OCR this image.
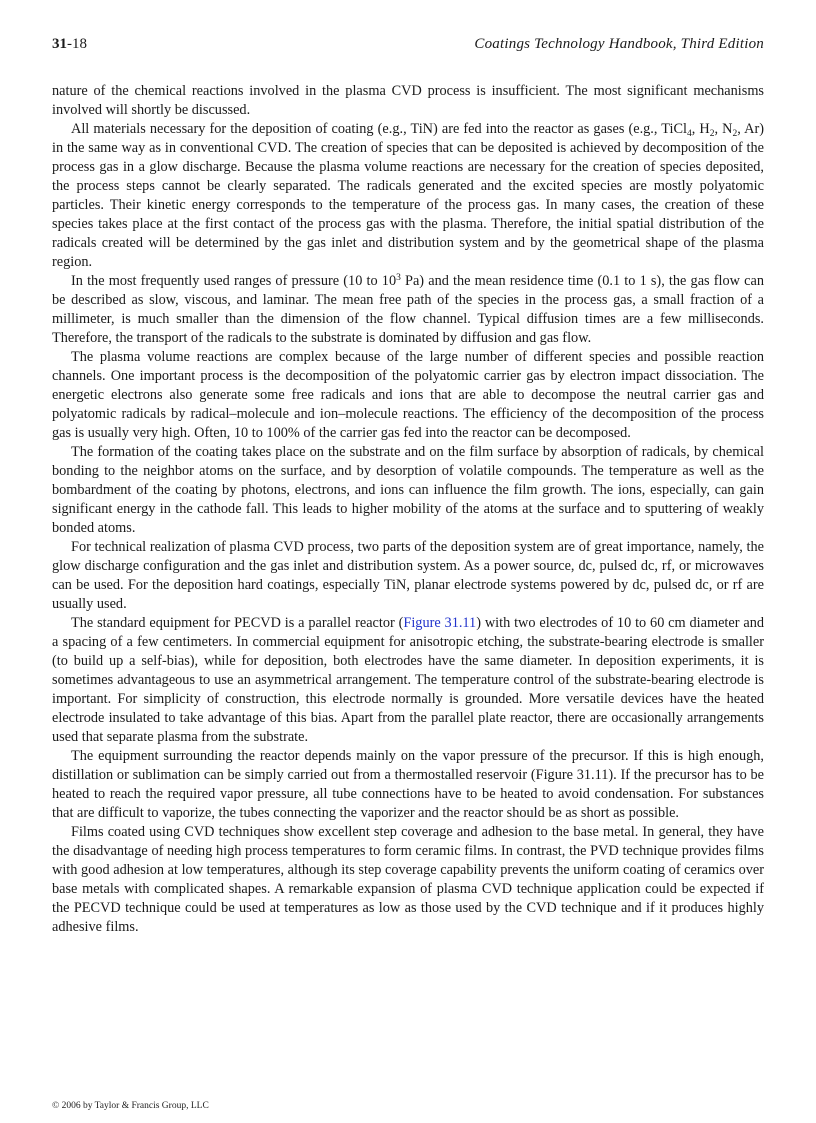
31-18	Coatings Technology Handbook, Third Edition

nature of the chemical reactions involved in the plasma CVD process is insufficient. The most significant mechanisms involved will shortly be discussed.

All materials necessary for the deposition of coating (e.g., TiN) are fed into the reactor as gases (e.g., TiCl$_4$, $H_2$, $N_2$, Ar) in the same way as in conventional CVD. The creation of species that can be deposited is achieved by decomposition of the process gas in a glow discharge. Because the plasma volume reactions are necessary for the creation of species deposited, the process steps cannot be clearly separated. The radicals generated and the excited species are mostly polyatomic particles. Their kinetic energy corresponds to the temperature of the process gas. In many cases, the creation of these species takes place at the first contact of the process gas with the plasma. Therefore, the initial spatial distribution of the radicals created will be determined by the gas inlet and distribution system and by the geometrical shape of the plasma region.

In the most frequently used ranges of pressure (10 to $10^3$ Pa) and the mean residence time (0.1 to 1 s), the gas flow can be described as slow, viscous, and laminar. The mean free path of the species in the process gas, a small fraction of a millimeter, is much smaller than the dimension of the flow channel. Typical diffusion times are a few milliseconds. Therefore, the transport of the radicals to the substrate is dominated by diffusion and gas flow.

The plasma volume reactions are complex because of the large number of different species and possible reaction channels. One important process is the decomposition of the polyatomic carrier gas by electron impact dissociation. The energetic electrons also generate some free radicals and ions that are able to decompose the neutral carrier gas and polyatomic radicals by radical–molecule and ion–molecule reactions. The efficiency of the decomposition of the process gas is usually very high. Often, 10 to 100% of the carrier gas fed into the reactor can be decomposed.

The formation of the coating takes place on the substrate and on the film surface by absorption of radicals, by chemical bonding to the neighbor atoms on the surface, and by desorption of volatile compounds. The temperature as well as the bombardment of the coating by photons, electrons, and ions can influence the film growth. The ions, especially, can gain significant energy in the cathode fall. This leads to higher mobility of the atoms at the surface and to sputtering of weakly bonded atoms.

For technical realization of plasma CVD process, two parts of the deposition system are of great importance, namely, the glow discharge configuration and the gas inlet and distribution system. As a power source, dc, pulsed dc, rf, or microwaves can be used. For the deposition hard coatings, especially TiN, planar electrode systems powered by dc, pulsed dc, or rf are usually used.

The standard equipment for PECVD is a parallel reactor (Figure 31.11) with two electrodes of 10 to 60 cm diameter and a spacing of a few centimeters. In commercial equipment for anisotropic etching, the substrate-bearing electrode is smaller (to build up a self-bias), while for deposition, both electrodes have the same diameter. In deposition experiments, it is sometimes advantageous to use an asymmetrical arrangement. The temperature control of the substrate-bearing electrode is important. For simplicity of construction, this electrode normally is grounded. More versatile devices have the heated electrode insulated to take advantage of this bias. Apart from the parallel plate reactor, there are occasionally arrangements used that separate plasma from the substrate.

The equipment surrounding the reactor depends mainly on the vapor pressure of the precursor. If this is high enough, distillation or sublimation can be simply carried out from a thermostalled reservoir (Figure 31.11). If the precursor has to be heated to reach the required vapor pressure, all tube connections have to be heated to avoid condensation. For substances that are difficult to vaporize, the tubes connecting the vaporizer and the reactor should be as short as possible.

Films coated using CVD techniques show excellent step coverage and adhesion to the base metal. In general, they have the disadvantage of needing high process temperatures to form ceramic films. In contrast, the PVD technique provides films with good adhesion at low temperatures, although its step coverage capability prevents the uniform coating of ceramics over base metals with complicated shapes. A remarkable expansion of plasma CVD technique application could be expected if the PECVD technique could be used at temperatures as low as those used by the CVD technique and if it produces highly adhesive films.

© 2006 by Taylor & Francis Group, LLC
